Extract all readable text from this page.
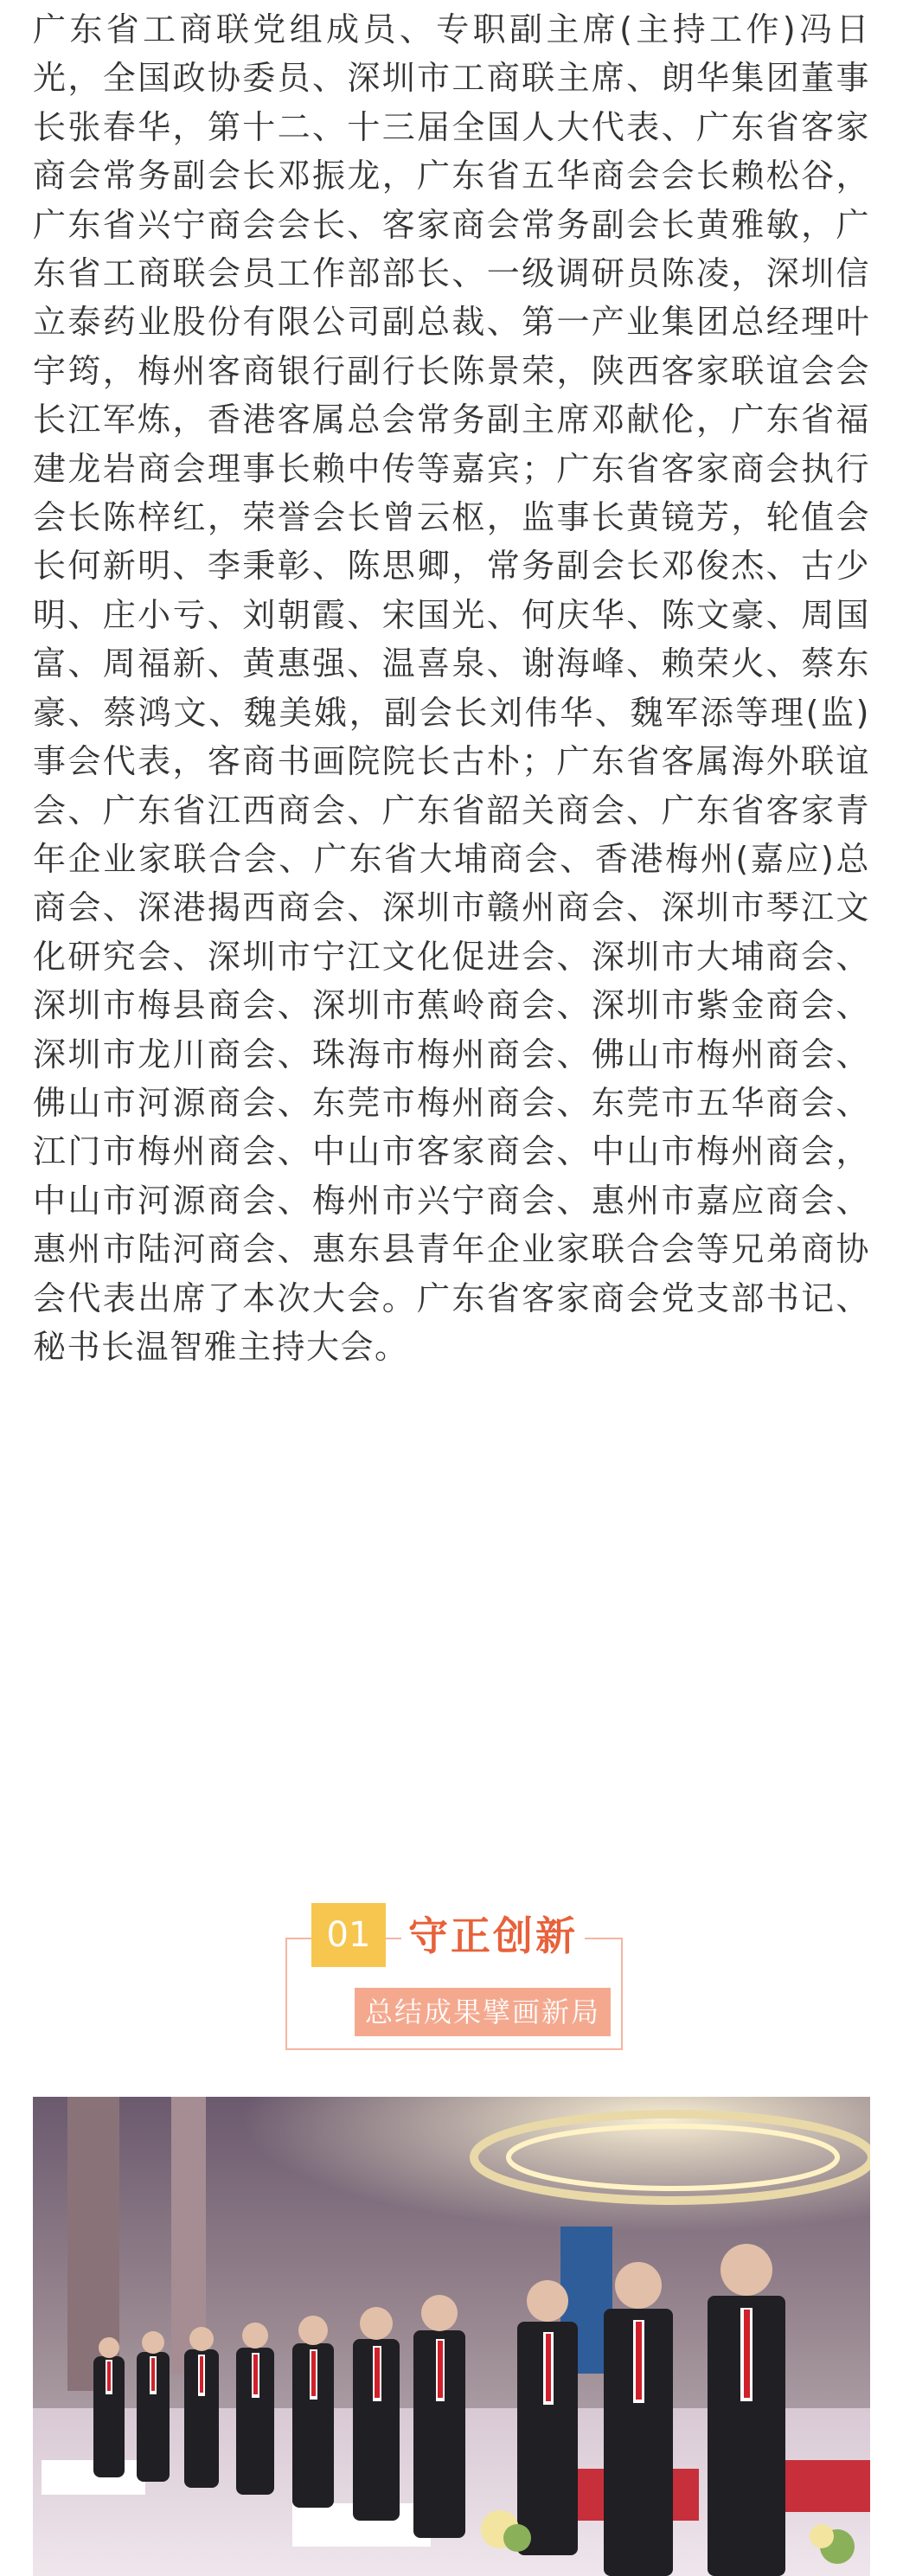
广东省工商联党组成员、专职副主席(主持工作)冯日光，全国政协委员、深圳市工商联主席、朗华集团董事长张春华，第十二、十三届全国人大代表、广东省客家商会常务副会长邓振龙，广东省五华商会会长赖松谷，广东省兴宁商会会长、客家商会常务副会长黄雅敏，广东省工商联会员工作部部长、一级调研员陈凌，深圳信立泰药业股份有限公司副总裁、第一产业集团总经理叶宇筠，梅州客商银行副行长陈景荣，陕西客家联谊会会长江军炼，香港客属总会常务副主席邓献伦，广东省福建龙岩商会理事长赖中传等嘉宾；广东省客家商会执行会长陈梓红，荣誉会长曾云枢，监事长黄镜芳，轮值会长何新明、李秉彰、陈思卿，常务副会长邓俊杰、古少明、庄小亏、刘朝霞、宋国光、何庆华、陈文豪、周国富、周福新、黄惠强、温喜泉、谢海峰、赖荣火、蔡东豪、蔡鸿文、魏美娥，副会长刘伟华、魏军添等理(监)事会代表，客商书画院院长古朴；广东省客属海外联谊会、广东省江西商会、广东省韶关商会、广东省客家青年企业家联合会、广东省大埔商会、香港梅州(嘉应)总商会、深港揭西商会、深圳市赣州商会、深圳市琴江文化研究会、深圳市宁江文化促进会、深圳市大埔商会、深圳市梅县商会、深圳市蕉岭商会、深圳市紫金商会、深圳市龙川商会、珠海市梅州商会、佛山市梅州商会、佛山市河源商会、东莞市梅州商会、东莞市五华商会、江门市梅州商会、中山市客家商会、中山市梅州商会，中山市河源商会、梅州市兴宁商会、惠州市嘉应商会、惠州市陆河商会、惠东县青年企业家联合会等兄弟商协会代表出席了本次大会。广东省客家商会党支部书记、秘书长温智雅主持大会。

01 守正创新
总结成果擘画新局
